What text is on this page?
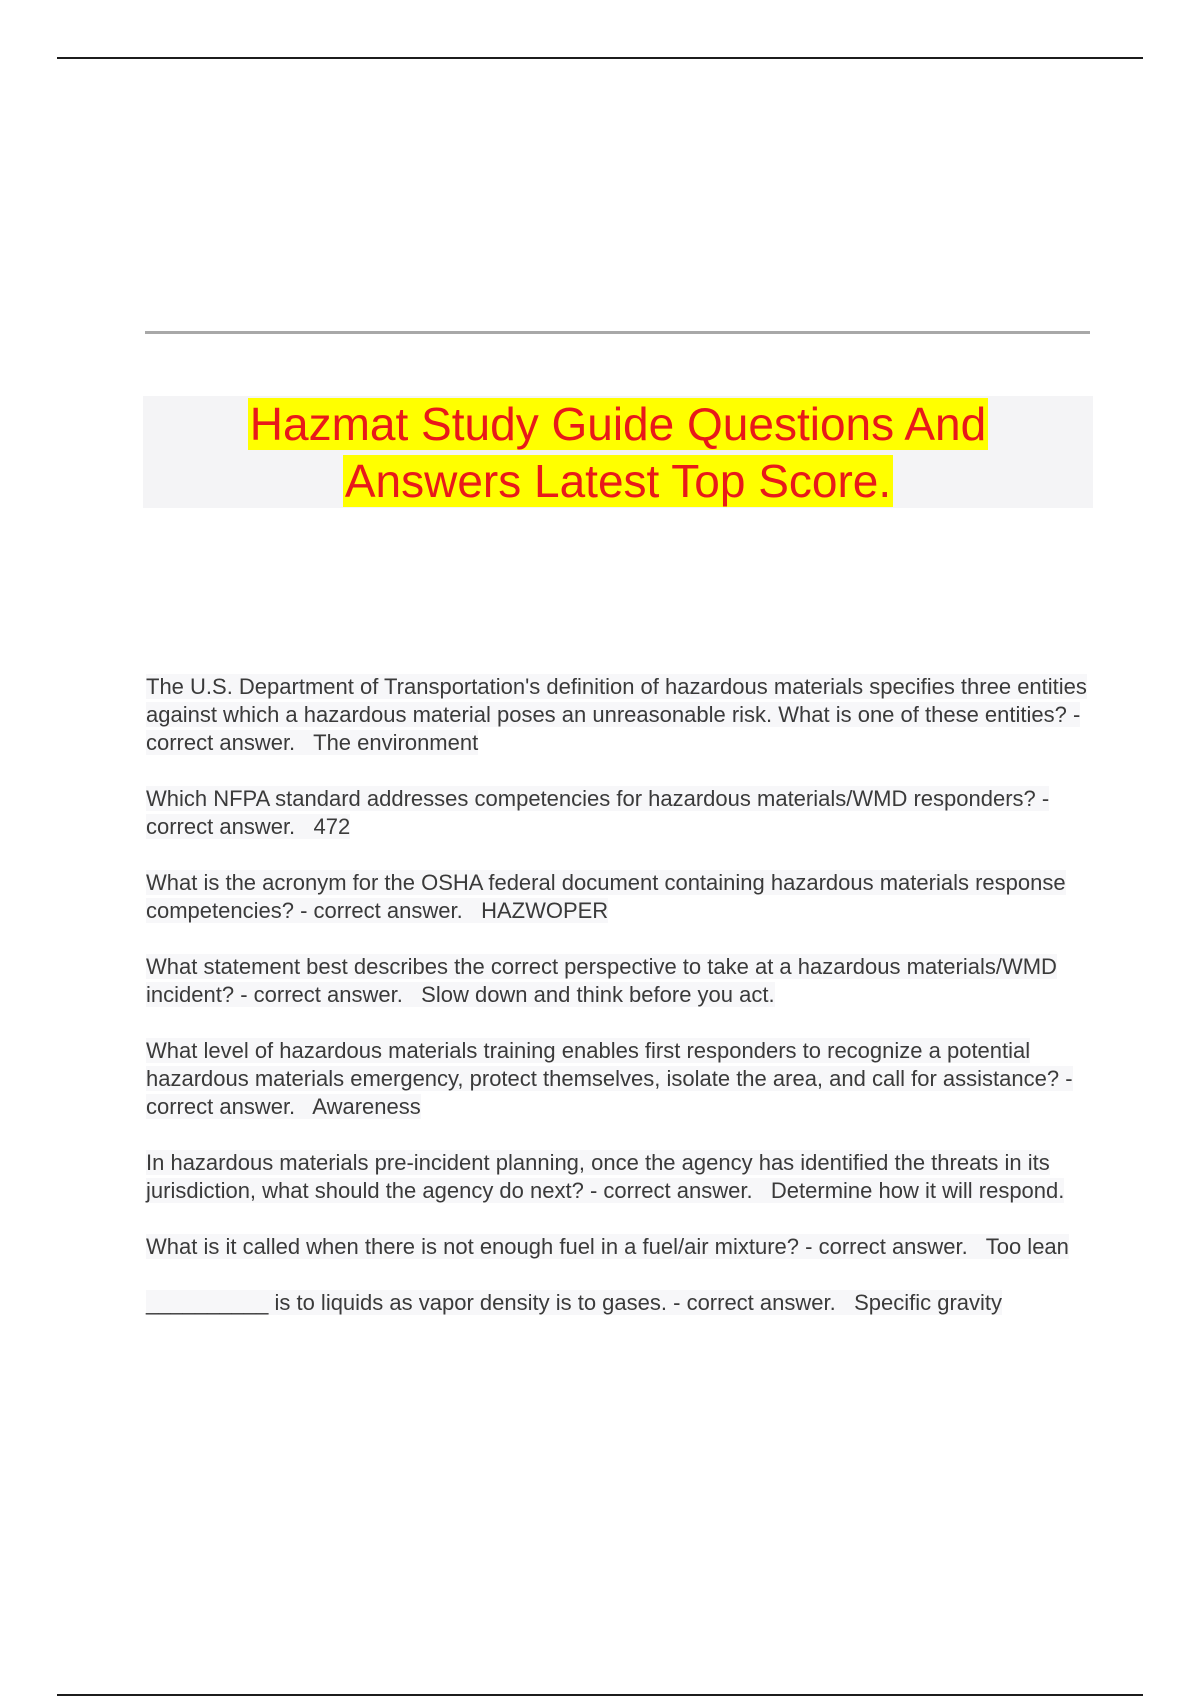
Hazmat Study Guide Questions And
Answers Latest Top Score.
The U.S. Department of Transportation's definition of hazardous materials specifies three entities against which a hazardous material poses an unreasonable risk. What is one of these entities? - correct answer. The environment
Which NFPA standard addresses competencies for hazardous materials/WMD responders? - correct answer. 472
What is the acronym for the OSHA federal document containing hazardous materials response competencies? - correct answer. HAZWOPER
What statement best describes the correct perspective to take at a hazardous materials/WMD incident? - correct answer. Slow down and think before you act.
What level of hazardous materials training enables first responders to recognize a potential hazardous materials emergency, protect themselves, isolate the area, and call for assistance? - correct answer. Awareness
In hazardous materials pre-incident planning, once the agency has identified the threats in its jurisdiction, what should the agency do next? - correct answer. Determine how it will respond.
What is it called when there is not enough fuel in a fuel/air mixture? - correct answer. Too lean
__________ is to liquids as vapor density is to gases. - correct answer. Specific gravity
